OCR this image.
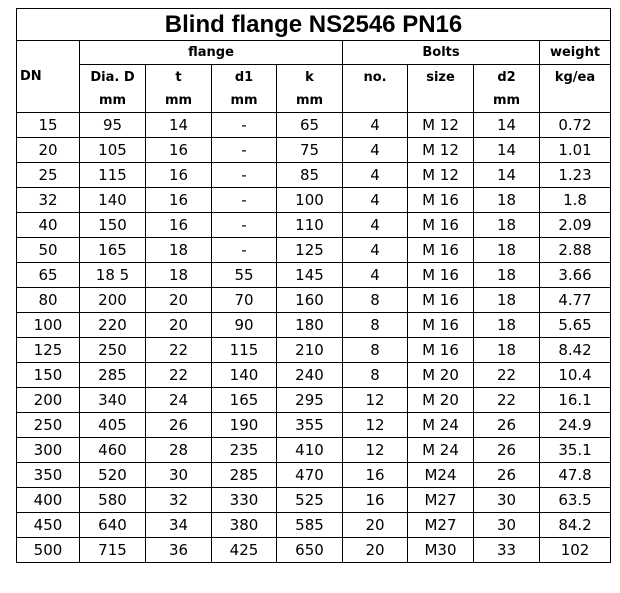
Blind flange NS2546 PN16								
	flange				Bolts			weight
DN	Dia. D	t	d1	k	no.	size	d2	kg/ea
	mm	mm	mm	mm			mm	
15	95	14	-	65	4	M 12	14	0.72
20	105	16	-	75	4	M 12	14	1.01
25	115	16	-	85	4	M 12	14	1.23
32	140	16	-	100	4	M 16	18	1.8
40	150	16	-	110	4	M 16	18	2.09
50	165	18	-	125	4	M 16	18	2.88
65	18 5	18	55	145	4	M 16	18	3.66
80	200	20	70	160	8	M 16	18	4.77
100	220	20	90	180	8	M 16	18	5.65
125	250	22	115	210	8	M 16	18	8.42
150	285	22	140	240	8	M 20	22	10.4
200	340	24	165	295	12	M 20	22	16.1
250	405	26	190	355	12	M 24	26	24.9
300	460	28	235	410	12	M 24	26	35.1
350	520	30	285	470	16	M24	26	47.8
400	580	32	330	525	16	M27	30	63.5
450	640	34	380	585	20	M27	30	84.2
500	715	36	425	650	20	M30	33	102
